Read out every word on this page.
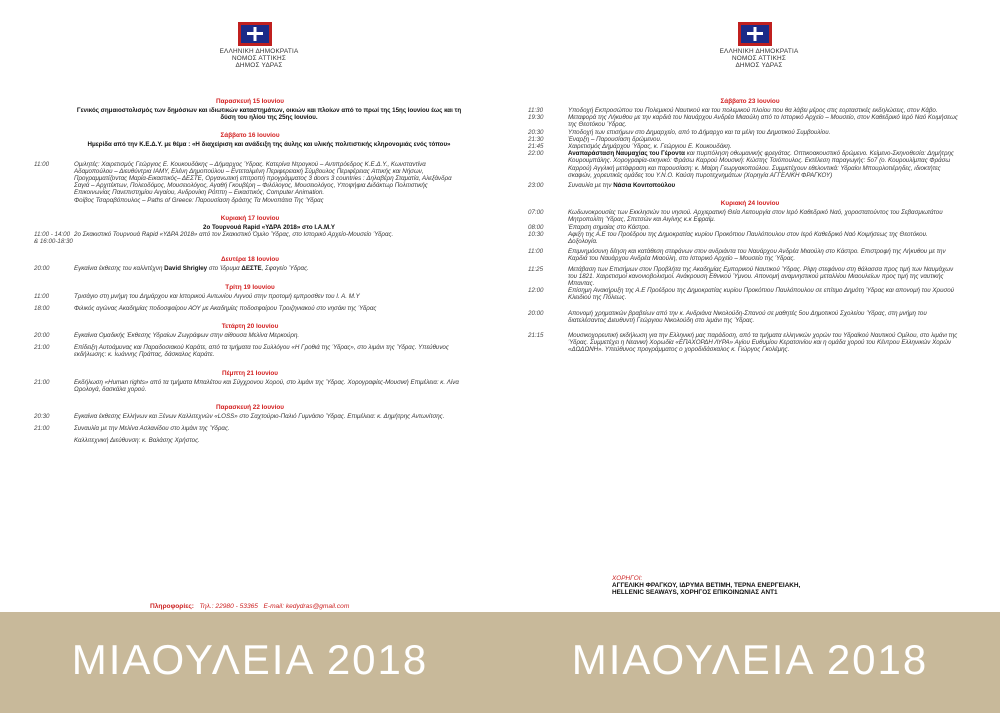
ΕΛΛΗΝΙΚΗ ΔΗΜΟΚΡΑΤΙΑ
ΝΟΜΟΣ ΑΤΤΙΚΗΣ
ΔΗΜΟΣ ΥΔΡΑΣ
Παρασκευή 15 Ιουνίου
Γενικός σημαιοστολισμός των δημόσιων και ιδιωτικών καταστημάτων, οικιών και πλοίων από το πρωί της 15ης Ιουνίου έως και τη δύση του ηλίου της 25ης Ιουνίου.
Σάββατο 16 Ιουνίου
Ημερίδα από την Κ.Ε.Δ.Υ. με θέμα : «Η διαχείριση και ανάδειξη της άυλης και υλικής πολιτιστικής κληρονομιάς ενός τόπου»
11:00	Ομιλητές: Χαιρετισμός Γεώργιος Ε. Κουκουδάκης – Δήμαρχος Ύδρας. Κατερίνα Ντρογκού – Αντιπρόεδρος Κ.Ε.Δ.Υ., Κωνσταντίνα Αδαμοπούλου – Διευθύντρια ΙΑΜΥ, Ελένη Δημοπούλου – Εντεταλμένη Περιφερειακή Σύμβουλος Περιφέρειας Αττικής και Νήσων, Προγραμματίζοντας Μαρία-Εικαστικός– ΔΕΣΤΕ, Οργανωτική επιτροπή προγράμματος 3 doors 3 countries : Δηλαβέρη Σταματία, Αλεξάνδρα Σαγιά – Αρχιτέκτων, Πολεοδόμος, Μουσειολόγος, Αγαθή Γκουβέρη – Φιλόλογος, Μουσειολόγος, Υποψήφια Διδάκτωρ Πολιτιστικής Επικοινωνίας Πανεπιστημίου Αιγαίου, Ανδρονίκη Ρόππη – Εικαστικός, Computer Animation.
Φοίβος Τσαραβόπουλος – Paths of Greece: Παρουσίαση δράσης Τα Μονοπάτια Της Ύδρας
Κυριακή 17 Ιουνίου
2ο Τουρνουά Rapid «ΥΔΡΑ 2018» στο Ι.Α.Μ.Υ
11:00 - 14:00 & 16:00-18:30
2ο Σκακιστικό Τουρνουά Rapid «ΥΔΡΑ 2018» από τον Σκακιστικό Όμιλο Ύδρας, στο Ιστορικό Αρχείο-Μουσείο Ύδρας.
Δευτέρα 18 Ιουνίου
20:00	Εγκαίνια έκθεσης του καλλιτέχνη David Shrigley στο Ίδρυμα ΔΕΣΤΕ, Σφαγείο Ύδρας.
Τρίτη 19 Ιουνίου
11:00	Τρισάγιο στη μνήμη του Δημάρχου και Ιστορικού Αντωνίου Λιγνού στην προτομή εμπροσθεν του Ι. Α. Μ.Υ
18:00	Φιλικός αγώνας Ακαδημίας ποδοσφαίρου ΑΟΥ με Ακαδημίες ποδοσφαίρου Τροιζηνιακού στο νησάκι της Ύδρας
Τετάρτη 20 Ιουνίου
20:00	Εγκαίνια Ομαδικής Έκθεσης Υδραίων Ζωγράφων στην αίθουσα Μελίνα Μερκούρη.
21:00	Επίδειξη Αυτοάμυνας και Παραδοσιακού Καράτε, από τα τμήματα του Συλλόγου «Η Γροθιά της Ύδρας», στο λιμάνι της Ύδρας. Υπεύθυνος εκδήλωσης: κ. Ιωάννης Πράπας, δάσκαλος Καράτε.
Πέμπτη 21 Ιουνίου
21:00	Εκδήλωση «Human rights» από τα τμήματα Μπαλέτου και Σύγχρονου Χορού, στο λιμάνι της Ύδρας. Χορογραφίες-Μουσική Επιμέλεια: κ. Λίνα Ωρολογά, δασκάλα χορού.
Παρασκευή 22 Ιουνίου
20:30	Εγκαίνια έκθεσης Ελλήνων και Ξένων Καλλιτεχνών «LOSS» στο Σαχτούριο-Παλιό Γυμνάσιο Ύδρας. Επιμέλεια: κ. Δημήτρης Αντωνίτσης.
21:00	Συναυλία με την Μελίνα Ασλανίδου στο λιμάνι της Ύδρας.
Καλλιτεχνική Διεύθυνση: κ. Βαλάσης Χρήστος.
Πληροφορίες: Τηλ.: 22980 - 53365 E-mail: kedydras@gmail.com
ΕΛΛΗΝΙΚΗ ΔΗΜΟΚΡΑΤΙΑ
ΝΟΜΟΣ ΑΤΤΙΚΗΣ
ΔΗΜΟΣ ΥΔΡΑΣ
Σάββατο 23 Ιουνίου
11:30	Υποδοχή Εκπροσώπου του Πολεμικού Ναυτικού και του πολεμικού πλοίου που θα λάβει μέρος στις εορταστικές εκδηλώσεις, στον Κάβο.
19:30	Μεταφορά της Λήκυθου με την καρδιά του Ναυάρχου Ανδρέα Μιαούλη από το Ιστορικό Αρχείο – Μουσείο, στον Καθεδρικό Ιερό Ναό Κοιμήσεως της Θεοτόκου Ύδρας.
20:30	Υποδοχή των επισήμων στο Δημαρχείο, από το Δήμαρχο και τα μέλη του Δημοτικού Συμβουλίου.
21:30	Έναρξη – Παρουσίαση δρώμενου.
21:45	Χαιρετισμός Δημάρχου Ύδρας, κ. Γεώργιου Ε. Κουκουδάκη.
22:00	Αναπαράσταση Ναυμαχίας του Γέροντα και πυρπόληση οθωμανικής φρεγάτας. Οπτικοακουστικό δρώμενο. Κείμενο-Σκηνοθεσία: Δημήτρης Κουρουμπάλης. Χορογραφία-σκηνικό: Φράσω Καρρού Μουσική: Κώστης Τσιόπουλος. Εκτέλεση παραγωγής: 5o7 (ο. Κουρουλίμπας Φράσω Καρρού) Αγγλική μετάφραση και παρουσίαση: κ. Μαίρη Γεωργακοπούλου. Συμμετέχουν εθελοντικά: Υδραίοι Μπουρλοτιέρηδες, ιδιοκτήτες σκαφών, χορευτικές ομάδες του Υ.Ν.Ο. Καύση πυροτεχνημάτων (Χορηγία ΑΓΓΕΛΙΚΗ ΦΡΑΓΚΟΥ)
23:00	Συναυλία με την Νάσια Κονιτοπούλου
Κυριακή 24 Ιουνίου
07:00	Κωδωνοκρουσίες των Εκκλησιών του νησιού. Αρχιερατική Θεία Λειτουργία στον Ιερό Καθεδρικό Ναό, χοροστατούντος του Σεβασμιωτάτου Μητροπολίτη Ύδρας, Σπετσών και Αιγίνης κ.κ Εφραίμ.
08:00	Έπαρση σημαίας στο Κάστρο.
10:30	Αφιξη της Α.Ε του Προέδρου της Δημοκρατίας κυρίου Προκόπιου Παυλόπουλου στον Ιερό Καθεδρικό Ναό Κοιμήσεως της Θεοτόκου. Δοξολογία.
11:00	Επιμνημόσυνη δέηση και κατάθεση στεφάνων στον ανδριάντα του Ναυάρχου Ανδρέα Μιαούλη στο Κάστρο. Επιστροφή της Λήκυθου με την Καρδιά του Ναυάρχου Ανδρέα Μιαούλη, στο Ιστορικό Αρχείο – Μουσείο της Ύδρας.
11:25	Μετάβαση των Επισήμων στον Προβλήτα της Ακαδημίας Εμπορικού Ναυτικού Ύδρας. Ρίψη στεφάνου στη θάλασσα προς τιμή των Ναυμάχων του 1821. Χαιρετισμοί κανονιοβολισμοί. Ανάκρουση Εθνικού Ύμνου. Απονομή αναμνηστικού μεταλλίου Μιαουλείων προς τιμή της ναυτικής Μπαντας.
12:00	Επίσημη Ανακήρυξη της Α.Ε Προέδρου της Δημοκρατίας κυρίου Προκόπιου Παυλόπουλου σε επίτιμο Δημότη Ύδρας και απονομή του Χρυσού Κλειδιού της Πόλεως.
20:00	Απονομή χρηματικών βραβείων από την κ. Ανδριάνα Νικολούδη-Σπανού σε μαθητές 5ου Δημοτικού Σχολείου Ύδρας, στη μνήμη του διατελέσαντος Διευθυντή Γεώργιου Νικολούδη στο λιμάνι της Ύδρας.
21:15	Μουσικοχορευτική εκδήλωση για την Ελληνική μας παράδοση, από τα τμήματα ελληνικών χορών του Υδραϊκού Ναυτικού Ομίλου, στο λιμάνι της Ύδρας. Συμμετέχει η Νεανική Χορωδία «ΕΠΑΧΟΡΔΗ ΛΥΡΑ» Αγίου Ευθυμίου Κερατσινίου και η ομάδα χορού του Κέντρου Ελληνικών Χορών «ΔΩΔΩΝΗ». Υπεύθυνος προγράμματος ο χοροδιδάσκαλος κ. Γιώργος Γκολέμης.
ΧΟΡΗΓΟΙ:
ΑΓΓΕΛΙΚΗ ΦΡΑΓΚΟΥ, ΙΔΡΥΜΑ ΒΕΤΙΜΗ, ΤΕΡΝΑ ΕΝΕΡΓΕΙΑΚΗ,
HELLENIC SEAWAYS, ΧΟΡΗΓΟΣ ΕΠΙΚΟΙΝΩΝΙΑΣ ANT1
ΜΙΑΟΥΛΕΙΑ 2018	ΜΙΑΟΥΛΕΙΑ 2018
